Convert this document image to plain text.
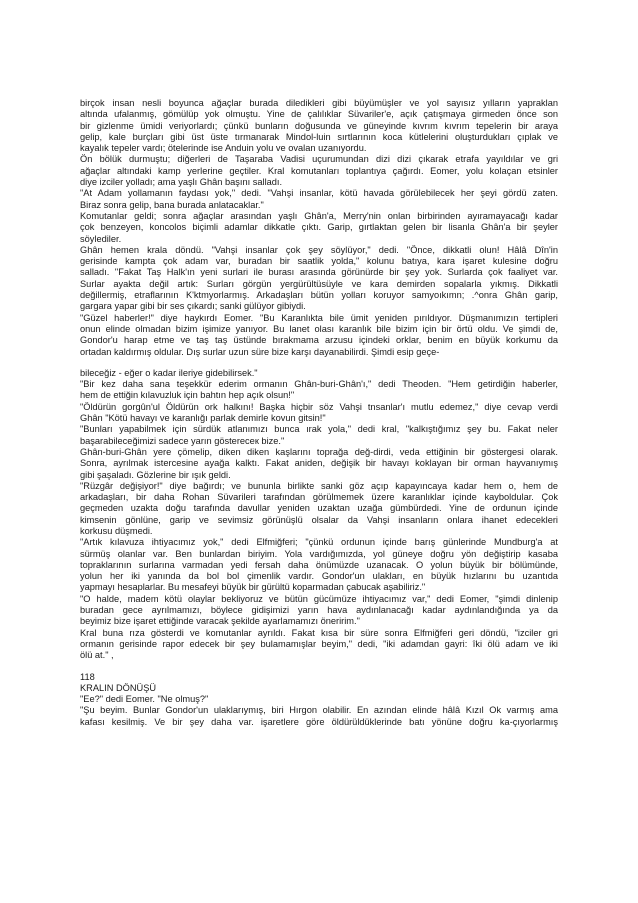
birçok insan nesli boyunca ağaçlar burada diledikleri gibi büyümüşler ve yol sayısız yılların yapraklan
altında ufalanmış, gömülüp yok olmuştu. Yine de çalılıklar Süvariler'e, açık çatışmaya girmeden önce son
bir gizlenme ümidi veriyorlardı; çünkü bunların doğusunda ve güneyinde kıvrım kıvrım tepelerin bir araya
gelip, kale burçları gibi üst üste tırmanarak Mindol-luin sırtlarının koca kütlelerini oluşturdukları çıplak ve
kayalık tepeler vardı; ötelerinde ise Anduin yolu ve ovalan uzanıyordu.
Ön bölük durmuştu; diğerleri de Taşaraba Vadisi uçurumundan dizi dizi çıkarak etrafa yayıldılar ve gri
ağaçlar altındaki kamp yerlerine geçtiler. Kral komutanları toplantıya çağırdı. Eomer, yolu kolaçan etsinler
diye izciler yolladı; ama yaşlı Ghân başını salladı.
"At Adam yollamanın faydası yok," dedi. "Vahşi insanlar, kötü havada görülebilecek her şeyi gördü zaten.
Biraz sonra gelip, bana burada anlatacaklar."
Komutanlar geldi; sonra ağaçlar arasından yaşlı Ghân'a, Merry'nin onlan birbirinden ayıramayacağı kadar
çok benzeyen, koncolos biçimli adamlar dikkatle çıktı. Garip, gırtlaktan gelen bir lisanla Ghân'a bir şeyler
söylediler.
Ghân hemen krala döndü. "Vahşi insanlar çok şey söylüyor," dedi. "Önce, dikkatli olun! Hâlâ Dîn'in
gerisinde kampta çok adam var, buradan bir saatlik yolda," kolunu batıya, kara işaret kulesine doğru
salladı. "Fakat Taş Halk'ın yeni surlari ile burası arasında görünürde bir şey yok. Surlarda çok faaliyet var.
Surlar ayakta değil artık: Surları görgün yergürültüsüyle ve kara demirden sopalarla yıkmış. Dikkatli
değillermiş, etraflarının K'ktmyorlarmış. Arkadaşları bütün yolları koruyor samyoıkımn; .^onra Ghân garip,
gargara yapar gibi bir ses çıkardı; sanki gülüyor gibiydi.
"Güzel haberler!" diye haykırdı Eomer. "Bu Karanlıkta bile ümit yeniden pırıldıyor. Düşmanımızın tertipleri
onun elinde olmadan bizim işimize yanıyor. Bu lanet olası karanlık bile bizim için bir örtü oldu. Ve şimdi de,
Gondor'u harap etme ve taş taş üstünde bırakmama arzusu içindeki orklar, benim en büyük korkumu da
ortadan kaldırmış oldular. Dış surlar uzun süre bize karşı dayanabilirdi. Şimdi esip geçe-
bileceğiz - eğer o kadar ileriye gidebilirsek."
"Bir kez daha sana teşekkür ederim ormanın Ghân-buri-Ghân'ı," dedi Theoden. "Hem getirdiğin haberler,
hem de ettiğin kılavuzluk için bahtın hep açık olsun!"
"Öldürün gorgûn'ul Öldürün ork halkını! Başka hiçbir söz Vahşi tnsanlar'ı mutlu edemez," diye cevap verdi
Ghân "Kötü havayı ve karanlığı parlak demirle kovun gitsin!"
"Bunları yapabilmek için sürdük atlanımızı bunca ırak yola," dedi kral, "kalkıştığımız şey bu. Fakat neler
başarabileceğimizi sadece yarın göstereceк bize."
Ghân-buri-Ghân yere çömelip, diken diken kaşlarını toprağa değ-dirdi, veda ettiğinin bir göstergesi olarak.
Sonra, ayrılmak istercesine ayağa kalktı. Fakat aniden, değişik bir havayı koklayan bir orman hayvanıymış
gibi şaşaladı. Gözlerine bir ışık geldi.
"Rüzgâr değişiyor!" diye bağırdı; ve bununla birlikte sanki göz açıp kapayıncaya kadar hem o, hem de
arkadaşları, bir daha Rohan Süvarileri tarafından görülmemek üzere karanlıklar içinde kayboldular. Çok
geçmeden uzakta doğu tarafında davullar yeniden uzaktan uzağa gümbürdedi. Yine de ordunun içinde
kimsenin gönlüne, garip ve sevimsiz görünüşlü olsalar da Vahşi insanların onlara ihanet edecekleri
korkusu düşmedi.
"Artık kılavuza ihtiyacımız yok," dedi Elfmiğferi; "çünkü ordunun içinde barış günlerinde Mundburg'a at
sürmüş olanlar var. Ben bunlardan biriyim. Yola vardığımızda, yol güneye doğru yön değiştirip kasaba
topraklarının surlarına varmadan yedi fersah daha önümüzde uzanacak. O yolun büyük bir bölümünde,
yolun her iki yanında da bol bol çimenlik vardır. Gondor'un ulakları, en büyük hızlarını bu uzantıda
yapmayı hesaplarlar. Bu mesafeyi büyük bir gürültü koparmadan çabucak aşabiliriz."
"O halde, madem kötü olaylar bekliyoruz ve bütün gücümüze ihtiyacımız var," dedi Eomer, "şimdi dinlenip
buradan gece ayrılmamızı, böylece gidişimizi yarın hava aydınlanacağı kadar aydınlandığında ya da
beyimiz bize işaret ettiğinde varacak şekilde ayarlamamızı öneririm."
Kral buna rıza gösterdi ve komutanlar ayrıldı. Fakat kısa bir süre sonra Elfmiğferi geri döndü, "izciler gri
ormanın gerisinde rapor edecek bir şey bulamamışlar beyim," dedi, "iki adamdan gayri: îki ölü adam ve iki
ölü at." ,
118
KRALIN DÖNÜŞÜ
"Ee?" dedi Eomer. "Ne olmuş?"
"Şu beyim. Bunlar Gondor'un ulaklarıymış, biri Hırgon olabilir. En azından elinde hâlâ Kızıl Ok varmış ama
kafası kesilmiş. Ve bir şey daha var. işaretlere göre öldürüldüklerinde batı yönüne doğru ka-çıyorlarmış
